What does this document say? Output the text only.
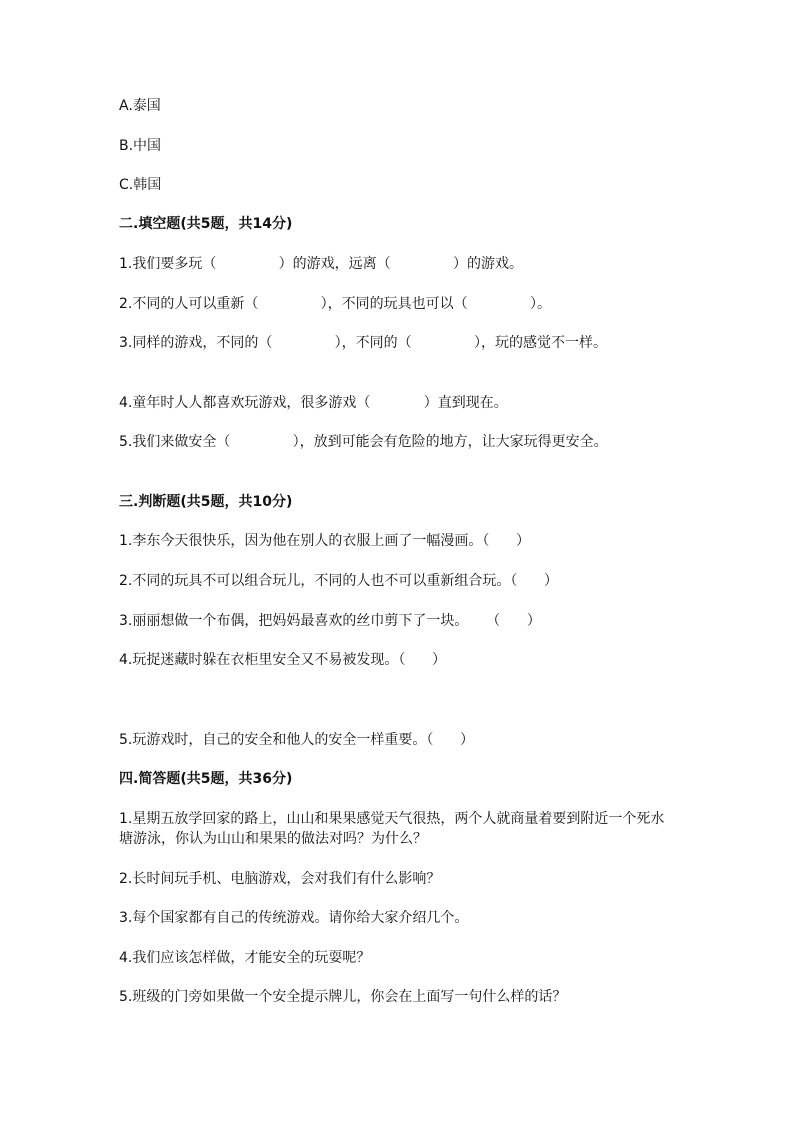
A.泰国
B.中国
C.韩国
二.填空题(共5题，共14分)
1.我们要多玩（              ）的游戏，远离（              ）的游戏。
2.不同的人可以重新（              ），不同的玩具也可以（              ）。
3.同样的游戏，不同的（              ），不同的（              ），玩的感觉不一样。
4.童年时人人都喜欢玩游戏，很多游戏（            ）直到现在。
5.我们来做安全（              ），放到可能会有危险的地方，让大家玩得更安全。
三.判断题(共5题，共10分)
1.李东今天很快乐，因为他在别人的衣服上画了一幅漫画。（      ）
2.不同的玩具不可以组合玩儿，不同的人也不可以重新组合玩。（      ）
3.丽丽想做一个布偶，把妈妈最喜欢的丝巾剪下了一块。    （      ）
4.玩捉迷藏时躲在衣柜里安全又不易被发现。（      ）
5.玩游戏时，自己的安全和他人的安全一样重要。（      ）
四.简答题(共5题，共36分)
1.星期五放学回家的路上，山山和果果感觉天气很热，两个人就商量着要到附近一个死水塘游泳，你认为山山和果果的做法对吗？为什么？
2.长时间玩手机、电脑游戏，会对我们有什么影响？
3.每个国家都有自己的传统游戏。请你给大家介绍几个。
4.我们应该怎样做，才能安全的玩耍呢？
5.班级的门旁如果做一个安全提示牌儿，你会在上面写一句什么样的话？
